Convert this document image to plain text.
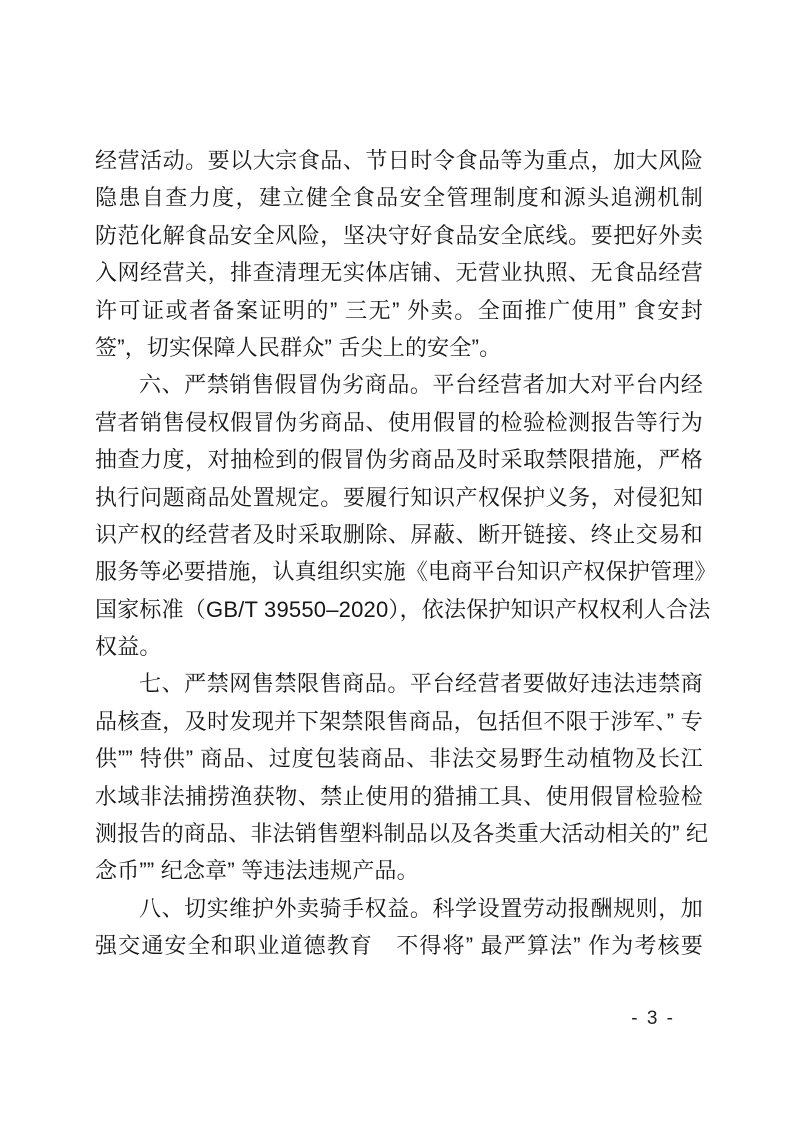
经营活动。要以大宗食品、节日时令食品等为重点，加大风险
隐患自查力度，建立健全食品安全管理制度和源头追溯机制
防范化解食品安全风险，坚决守好食品安全底线。要把好外卖
入网经营关，排查清理无实体店铺、无营业执照、无食品经营
许可证或者备案证明的” 三无” 外卖。全面推广使用” 食安封
签”，切实保障人民群众” 舌尖上的安全”。
六、严禁销售假冒伪劣商品。平台经营者加大对平台内经
营者销售侵权假冒伪劣商品、使用假冒的检验检测报告等行为
抽查力度，对抽检到的假冒伪劣商品及时采取禁限措施，严格
执行问题商品处置规定。要履行知识产权保护义务，对侵犯知
识产权的经营者及时采取删除、屏蔽、断开链接、终止交易和
服务等必要措施，认真组织实施《电商平台知识产权保护管理》
国家标准（GB/T 39550–2020），依法保护知识产权权利人合法
权益。
七、严禁网售禁限售商品。平台经营者要做好违法违禁商
品核查，及时发现并下架禁限售商品，包括但不限于涉军、” 专
供”” 特供” 商品、过度包装商品、非法交易野生动植物及长江
水域非法捕捞渔获物、禁止使用的猎捕工具、使用假冒检验检
测报告的商品、非法销售塑料制品以及各类重大活动相关的” 纪
念币”” 纪念章” 等违法违规产品。
八、切实维护外卖骑手权益。科学设置劳动报酬规则，加
强交通安全和职业道德教育　不得将” 最严算法” 作为考核要
- 3 -
